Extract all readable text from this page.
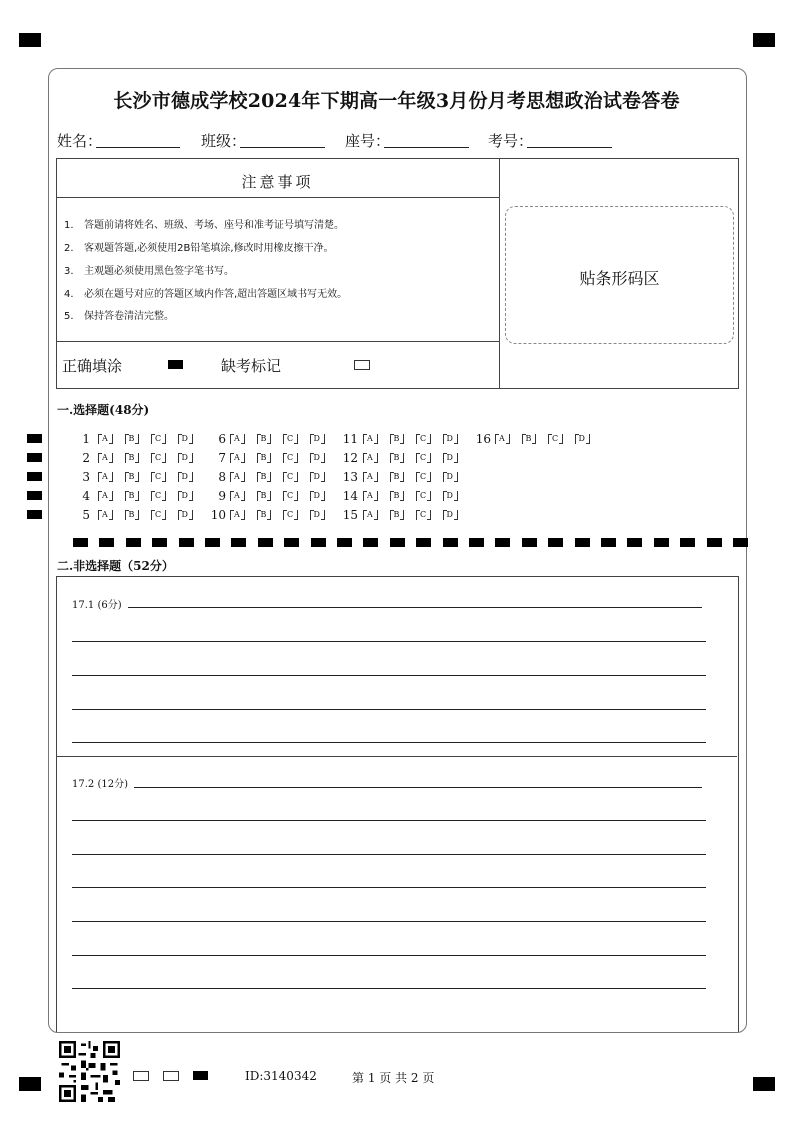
长沙市德成学校2024年下期高一年级3月份月考思想政治试卷答卷
姓名：	班级：	座号：	考号：
注意事项
1. 答题前请将姓名、班级、考场、座号和准考证号填写清楚。
2. 客观题答题,必须使用2B铅笔填涂,修改时用橡皮擦干净。
3. 主观题必须使用黑色签字笔书写。
4. 必须在题号对应的答题区域内作答,超出答题区域书写无效。
5. 保持答卷清洁完整。
贴条形码区
正确填涂	缺考标记
一.选择题(48分)
1	A	B	C	D
2	A	B	C	D
3	A	B	C	D
4	A	B	C	D
5	A	B	C	D
6	A	B	C	D
7	A	B	C	D
8	A	B	C	D
9	A	B	C	D
10	A	B	C	D
11	A	B	C	D
12	A	B	C	D
13	A	B	C	D
14	A	B	C	D
15	A	B	C	D
16	A	B	C	D
二.非选择题（52分）
17.1 (6分)
17.2 (12分)
ID:3140342	第 1 页 共 2 页
